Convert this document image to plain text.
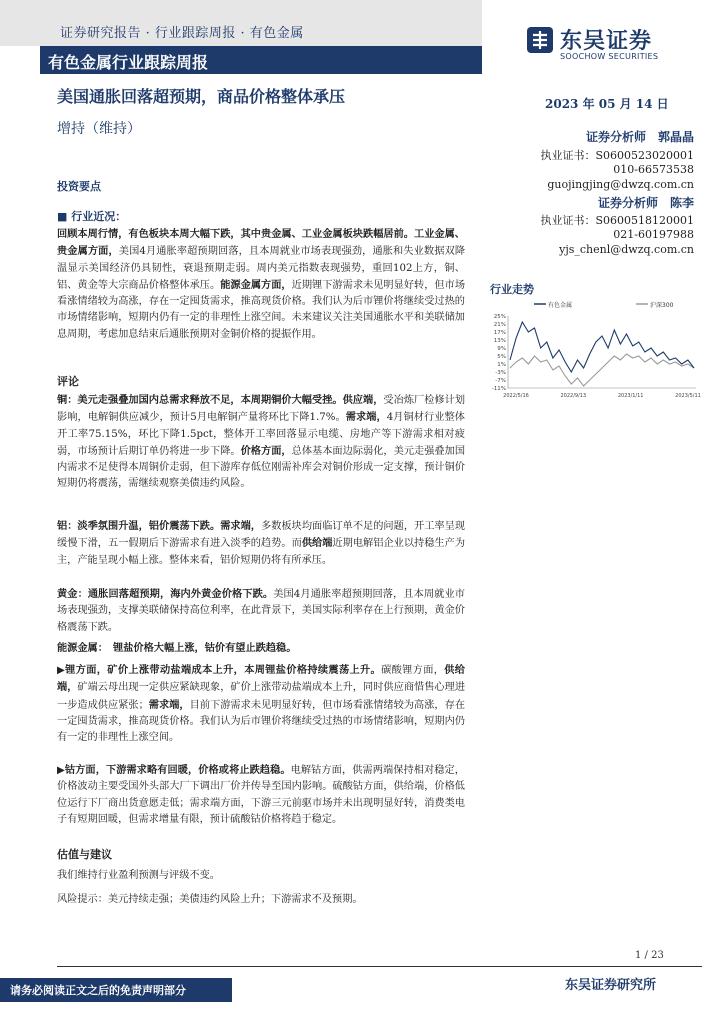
证券研究报告 · 行业跟踪周报 · 有色金属
有色金属行业跟踪周报
东吴证券
SOOCHOW SECURITIES
美国通胀回落超预期，商品价格整体承压
增持（维持）
2023 年 05 月 14 日
证券分析师　郭晶晶
执业证书：S0600523020001
010-66573538
guojingjing@dwzq.com.cn
证券分析师　陈李
执业证书：S0600518120001
021-60197988
yjs_chenl@dwzq.com.cn
行业走势
25%
21%
17%
13%
9%
5%
1%
-3%
-7%
-11%
2022/5/16	2022/9/13	2023/1/11	2023/5/11
有色金属	沪深300
投资要点
■ 行业近况：
回顾本周行情，有色板块本周大幅下跌，其中贵金属、工业金属板块跌幅居前。工业金属、贵金属方面，美国4月通胀率超预期回落，且本周就业市场表现强劲，通胀和失业数据双降温显示美国经济仍具韧性，衰退预期走弱。周内美元指数表现强势，重回102上方，铜、铝、黄金等大宗商品价格整体承压。能源金属方面，近期锂下游需求未见明显好转，但市场看涨情绪较为高涨，存在一定囤货需求，推高现货价格。我们认为后市锂价将继续受过热的市场情绪影响，短期内仍有一定的非理性上涨空间。未来建议关注美国通胀水平和美联储加息周期，考虑加息结束后通胀预期对金铜价格的提振作用。
评论
铜：美元走强叠加国内总需求释放不足，本周期铜价大幅受挫。供应端，受冶炼厂检修计划影响，电解铜供应减少，预计5月电解铜产量将环比下降1.7%。需求端，4月铜材行业整体开工率75.15%，环比下降1.5pct，整体开工率回落显示电缆、房地产等下游需求相对疲弱，市场预计后期订单仍将进一步下降。价格方面，总体基本面边际弱化，美元走强叠加国内需求不足使得本周铜价走弱，但下游库存低位刚需补库会对铜价形成一定支撑，预计铜价短期仍将震荡，需继续观察美债违约风险。
铝：淡季氛围升温，铝价震荡下跌。需求端，多数板块均面临订单不足的问题，开工率呈现缓慢下滑，五一假期后下游需求有进入淡季的趋势。而供给端近期电解铝企业以持稳生产为主，产能呈现小幅上涨。整体来看，铝价短期仍将有所承压。
黄金：通胀回落超预期，海内外黄金价格下跌。美国4月通胀率超预期回落，且本周就业市场表现强劲，支撑美联储保持高位利率，在此背景下，美国实际利率存在上行预期，黄金价格震荡下跌。
能源金属：　锂盐价格大幅上涨，钴价有望止跌趋稳。
▶锂方面，矿价上涨带动盐端成本上升，本周锂盐价格持续震荡上升。碳酸锂方面，供给端，矿端云母出现一定供应紧缺现象，矿价上涨带动盐端成本上升，同时供应商惜售心理进一步造成供应紧张；需求端，目前下游需求未见明显好转，但市场看涨情绪较为高涨，存在一定囤货需求，推高现货价格。我们认为后市锂价将继续受过热的市场情绪影响，短期内仍有一定的非理性上涨空间。
▶钴方面，下游需求略有回暖，价格或将止跌趋稳。电解钴方面，供需两端保持相对稳定，价格波动主要受国外头部大厂下调出厂价并传导至国内影响。硫酸钴方面，供给端，价格低位运行下厂商出货意愿走低；需求端方面，下游三元前驱市场并未出现明显好转，消费类电子有短期回暖，但需求增量有限，预计硫酸钴价格将趋于稳定。
估值与建议
我们维持行业盈利预测与评级不变。
风险提示：美元持续走强；美债违约风险上升；下游需求不及预期。
1 / 23
东吴证券研究所
请务必阅读正文之后的免责声明部分
